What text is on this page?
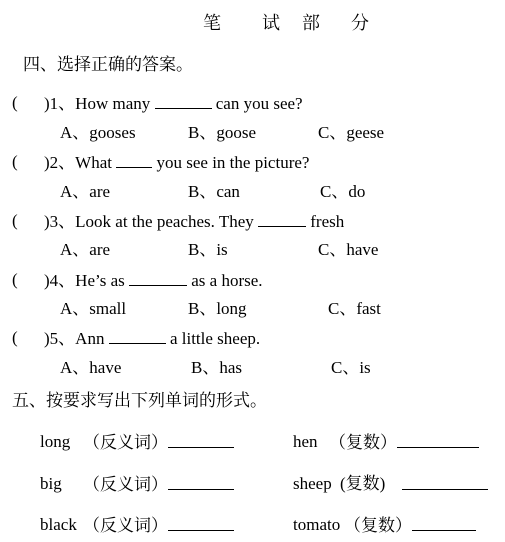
笔 试 部 分
四、选择正确的答案。
( )1、How many	can you see?
A、gooses	B、goose	C、geese
( )2、What  you see in the picture?
A、are	B、can	C、do
( )3、Look at the peaches. They	fresh
A、are	B、is	C、have
( )4、He’s as	as a horse.
A、small	B、long	C、fast
( )5、Ann	a little sheep.
A、have	B、has	C、is
五、按要求写出下列单词的形式。
long （反义词）	hen （复数）
big （反义词）	sheep (复数)
black （反义词）	tomato （复数）
